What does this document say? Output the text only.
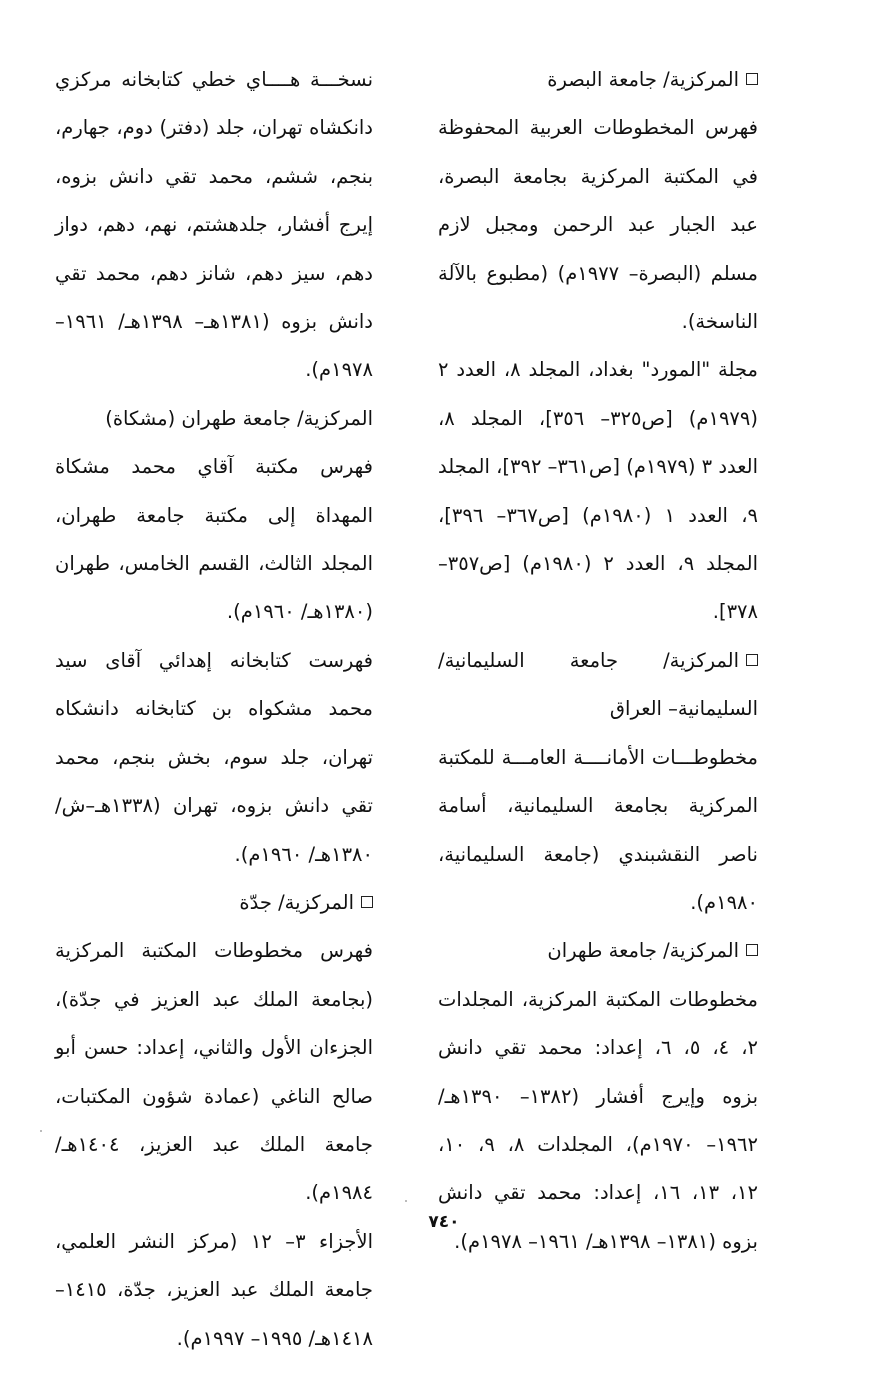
المركزية/ جامعة البصرة

فهرس المخطوطات العربية المحفوظة في المكتبة المركزية بجامعة البصرة، عبد الجبار عبد الرحمن ومجبل لازم مسلم (البصرة– ١٩٧٧م) (مطبوع بالآلة الناسخة).

مجلة "المورد" بغداد، المجلد ٨، العدد ٢ (١٩٧٩م) [ص٣٢٥– ٣٥٦]، المجلد ٨، العدد ٣ (١٩٧٩م) [ص٣٦١– ٣٩٢]، المجلد ٩، العدد ١ (١٩٨٠م) [ص٣٦٧– ٣٩٦]، المجلد ٩، العدد ٢ (١٩٨٠م) [ص٣٥٧– ٣٧٨].

المركزية/ جامعة السليمانية/ السليمانية– العراق

مخطوطـــات الأمانــــة العامـــة للمكتبة المركزية بجامعة السليمانية، أسامة ناصر النقشبندي (جامعة السليمانية، ١٩٨٠م).

المركزية/ جامعة طهران

مخطوطات المكتبة المركزية، المجلدات ٢، ٤، ٥، ٦، إعداد: محمد تقي دانش بزوه وإيرج أفشار (١٣٨٢– ١٣٩٠هـ/ ١٩٦٢– ١٩٧٠م)، المجلدات ٨، ٩، ١٠، ١٢، ١٣، ١٦، إعداد: محمد تقي دانش بزوه (١٣٨١– ١٣٩٨هـ/ ١٩٦١– ١٩٧٨م).

نسخـــة هــــاي خطي كتابخانه مركزي دانكشاه تهران، جلد (دفتر) دوم، جهارم، بنجم، ششم، محمد تقي دانش بزوه، إيرج أفشار، جلدهشتم، نهم، دهم، دواز دهم، سيز دهم، شانز دهم، محمد تقي دانش بزوه (١٣٨١هـ– ١٣٩٨هـ/ ١٩٦١– ١٩٧٨م).

المركزية/ جامعة طهران (مشكاة)

فهرس مكتبة آقاي محمد مشكاة المهداة إلى مكتبة جامعة طهران، المجلد الثالث، القسم الخامس، طهران (١٣٨٠هـ/ ١٩٦٠م).

فهرست كتابخانه إهدائي آقاى سيد محمد مشكواه بن كتابخانه دانشكاه تهران، جلد سوم، بخش بنجم، محمد تقي دانش بزوه، تهران (١٣٣٨هـ–ش/ ١٣٨٠هـ/ ١٩٦٠م).

المركزية/ جدّة

فهرس مخطوطات المكتبة المركزية (بجامعة الملك عبد العزيز في جدّة)، الجزءان الأول والثاني، إعداد: حسن أبو صالح الناغي (عمادة شؤون المكتبات، جامعة الملك عبد العزيز، ١٤٠٤هـ/ ١٩٨٤م).

الأجزاء ٣– ١٢ (مركز النشر العلمي، جامعة الملك عبد العزيز، جدّة، ١٤١٥– ١٤١٨هـ/ ١٩٩٥– ١٩٩٧م).

٧٤٠
